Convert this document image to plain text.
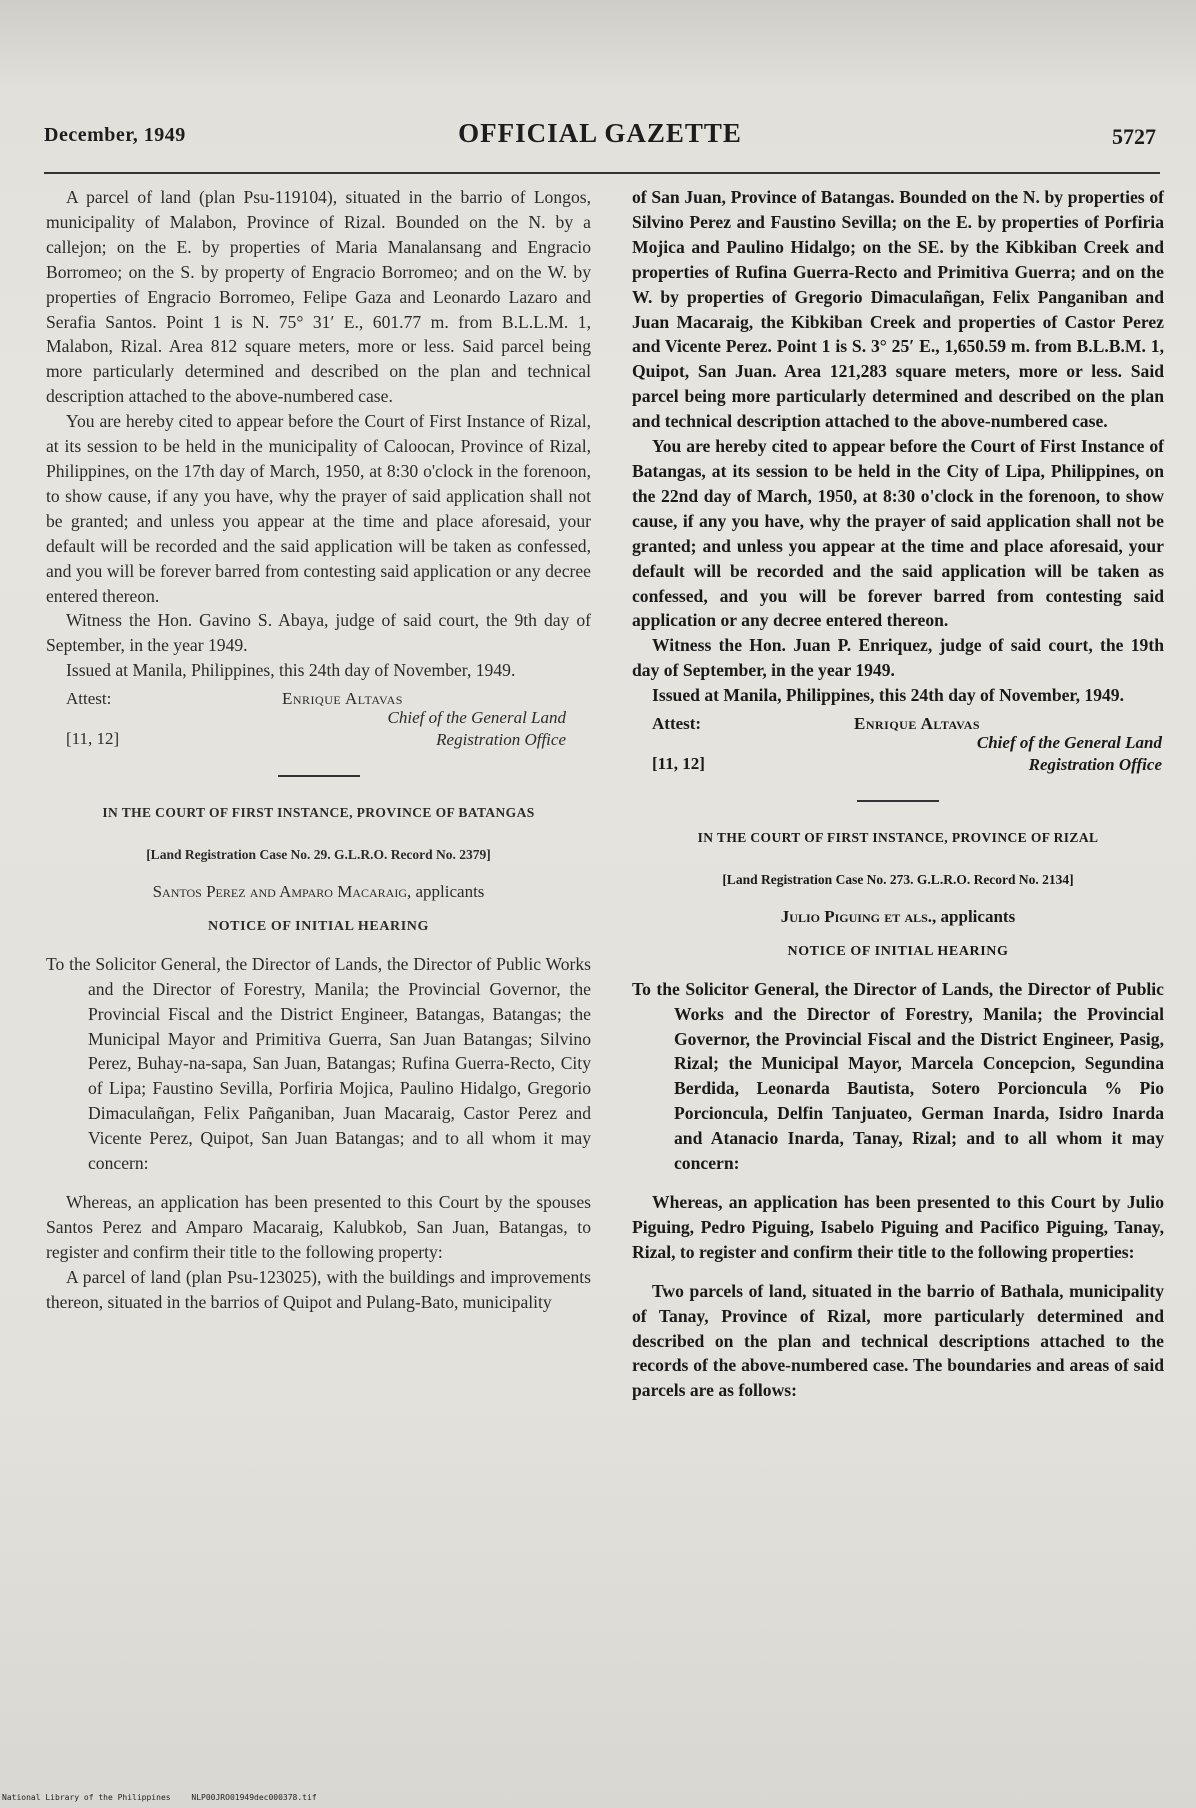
December, 1949	OFFICIAL GAZETTE	5727

A parcel of land (plan Psu-119104), situated in the barrio of Longos, municipality of Malabon, Province of Rizal. Bounded on the N. by a callejon; on the E. by properties of Maria Manalansang and Engracio Borromeo; on the S. by property of Engracio Borromeo; and on the W. by properties of Engracio Borromeo, Felipe Gaza and Leonardo Lazaro and Serafia Santos. Point 1 is N. 75° 31′ E., 601.77 m. from B.L.L.M. 1, Malabon, Rizal. Area 812 square meters, more or less. Said parcel being more particularly determined and described on the plan and technical description attached to the above-numbered case.

You are hereby cited to appear before the Court of First Instance of Rizal, at its session to be held in the municipality of Caloocan, Province of Rizal, Philippines, on the 17th day of March, 1950, at 8:30 o'clock in the forenoon, to show cause, if any you have, why the prayer of said application shall not be granted; and unless you appear at the time and place aforesaid, your default will be recorded and the said application will be taken as confessed, and you will be forever barred from contesting said application or any decree entered thereon.

Witness the Hon. Gavino S. Abaya, judge of said court, the 9th day of September, in the year 1949.

Issued at Manila, Philippines, this 24th day of November, 1949.

Attest:	Enrique Altavas
Chief of the General Land
Registration Office
[11, 12]
IN THE COURT OF FIRST INSTANCE, PROVINCE OF BATANGAS
[Land Registration Case No. 29. G.L.R.O. Record No. 2379]
Santos Perez and Amparo Macaraig, applicants
NOTICE OF INITIAL HEARING

To the Solicitor General, the Director of Lands, the Director of Public Works and the Director of Forestry, Manila; the Provincial Governor, the Provincial Fiscal and the District Engineer, Batangas, Batangas; the Municipal Mayor and Primitiva Guerra, San Juan Batangas; Silvino Perez, Buhay-na-sapa, San Juan, Batangas; Rufina Guerra-Recto, City of Lipa; Faustino Sevilla, Porfiria Mojica, Paulino Hidalgo, Gregorio Dimaculañgan, Felix Pañganiban, Juan Macaraig, Castor Perez and Vicente Perez, Quipot, San Juan Batangas; and to all whom it may concern:

Whereas, an application has been presented to this Court by the spouses Santos Perez and Amparo Macaraig, Kalubkob, San Juan, Batangas, to register and confirm their title to the following property:

A parcel of land (plan Psu-123025), with the buildings and improvements thereon, situated in the barrios of Quipot and Pulang-Bato, municipality

of San Juan, Province of Batangas. Bounded on the N. by properties of Silvino Perez and Faustino Sevilla; on the E. by properties of Porfiria Mojica and Paulino Hidalgo; on the SE. by the Kibkiban Creek and properties of Rufina Guerra-Recto and Primitiva Guerra; and on the W. by properties of Gregorio Dimaculañgan, Felix Panganiban and Juan Macaraig, the Kibkiban Creek and properties of Castor Perez and Vicente Perez. Point 1 is S. 3° 25′ E., 1,650.59 m. from B.L.B.M. 1, Quipot, San Juan. Area 121,283 square meters, more or less. Said parcel being more particularly determined and described on the plan and technical description attached to the above-numbered case.

You are hereby cited to appear before the Court of First Instance of Batangas, at its session to be held in the City of Lipa, Philippines, on the 22nd day of March, 1950, at 8:30 o'clock in the forenoon, to show cause, if any you have, why the prayer of said application shall not be granted; and unless you appear at the time and place aforesaid, your default will be recorded and the said application will be taken as confessed, and you will be forever barred from contesting said application or any decree entered thereon.

Witness the Hon. Juan P. Enriquez, judge of said court, the 19th day of September, in the year 1949.

Issued at Manila, Philippines, this 24th day of November, 1949.

Attest:	Enrique Altavas
Chief of the General Land
Registration Office
[11, 12]
IN THE COURT OF FIRST INSTANCE, PROVINCE OF RIZAL
[Land Registration Case No. 273. G.L.R.O. Record No. 2134]
Julio Piguing et als., applicants
NOTICE OF INITIAL HEARING

To the Solicitor General, the Director of Lands, the Director of Public Works and the Director of Forestry, Manila; the Provincial Governor, the Provincial Fiscal and the District Engineer, Pasig, Rizal; the Municipal Mayor, Marcela Concepcion, Segundina Berdida, Leonarda Bautista, Sotero Porcioncula % Pio Porcioncula, Delfin Tanjuateo, German Inarda, Isidro Inarda and Atanacio Inarda, Tanay, Rizal; and to all whom it may concern:

Whereas, an application has been presented to this Court by Julio Piguing, Pedro Piguing, Isabelo Piguing and Pacifico Piguing, Tanay, Rizal, to register and confirm their title to the following properties:

Two parcels of land, situated in the barrio of Bathala, municipality of Tanay, Province of Rizal, more particularly determined and described on the plan and technical descriptions attached to the records of the above-numbered case. The boundaries and areas of said parcels are as follows:

National Library of the Philippines	NLP00JRO01949dec000378.tif
